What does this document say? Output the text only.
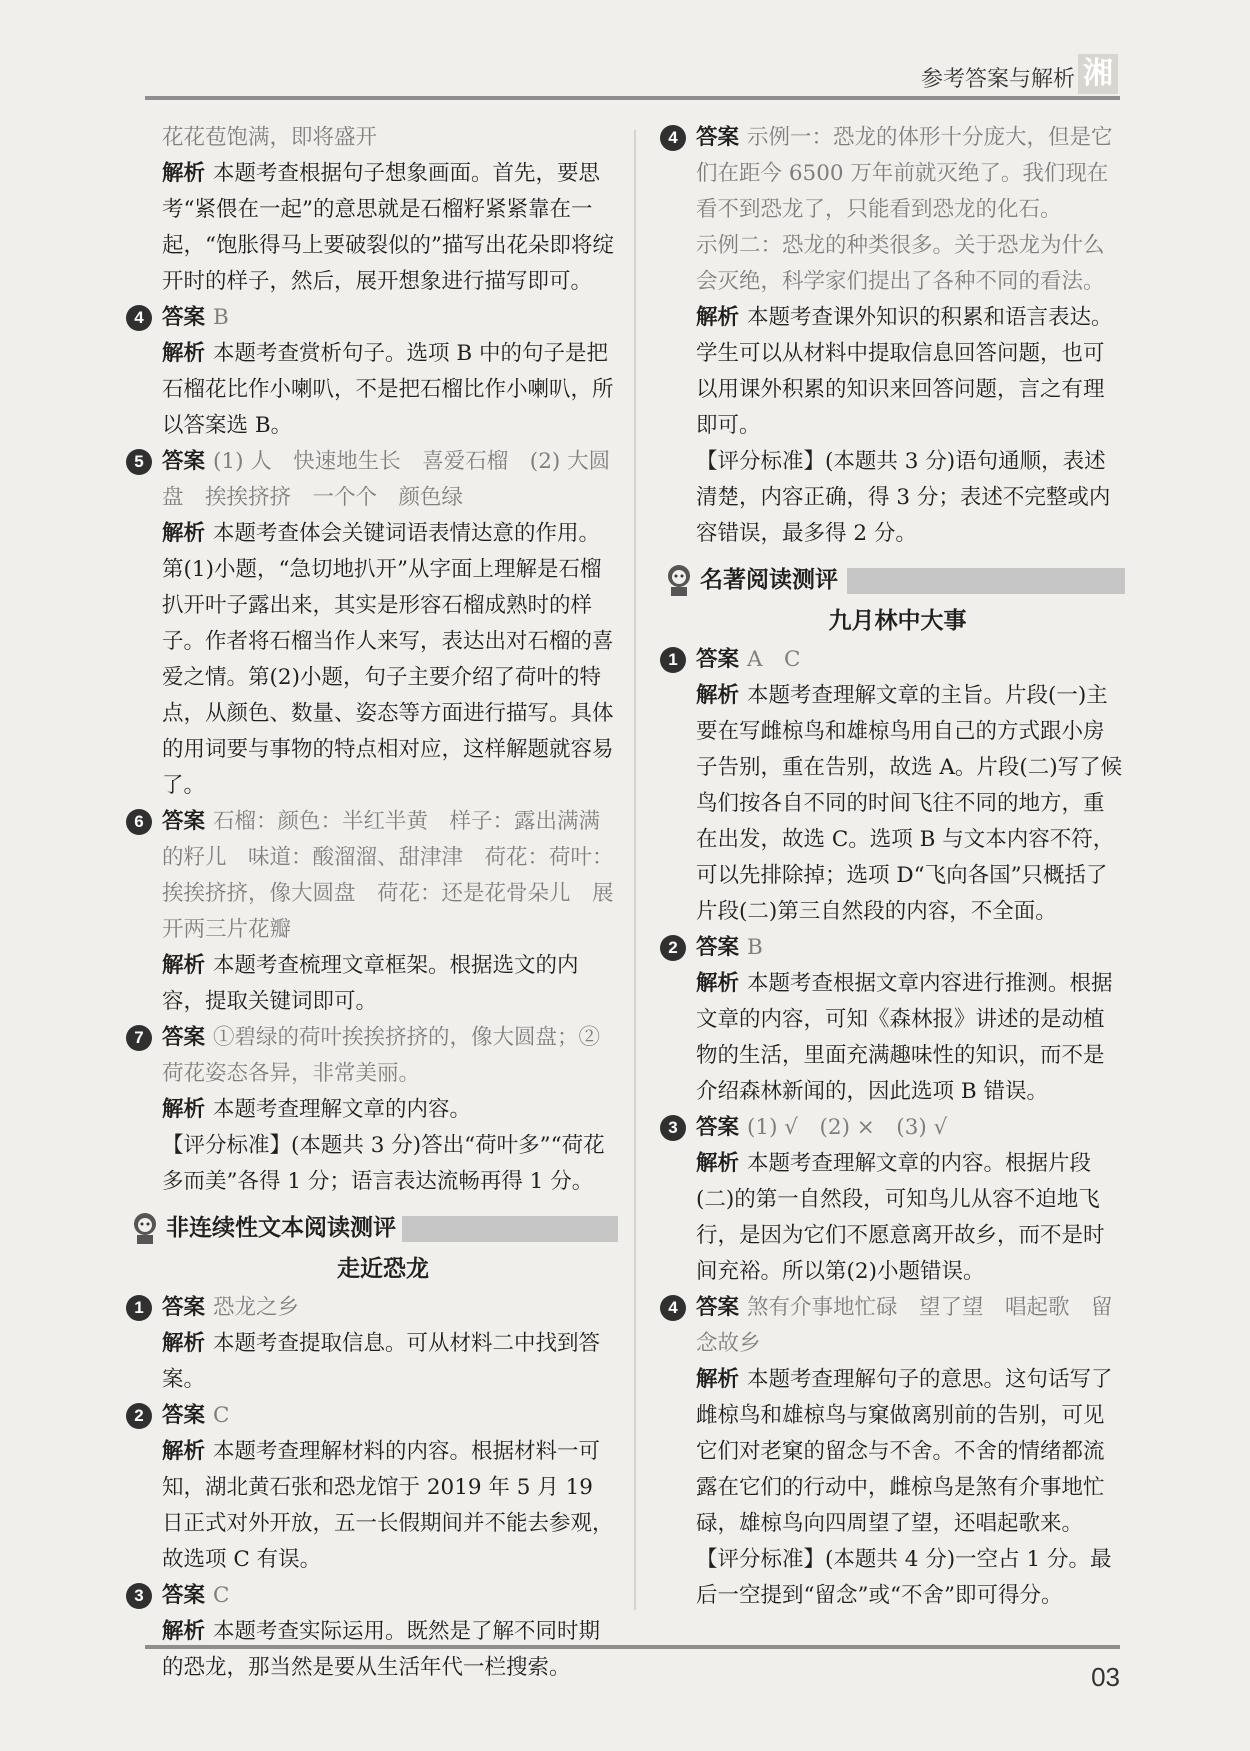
参考答案与解析 湘

花花苞饱满，即将盛开

解析 本题考查根据句子想象画面。首先，要思考“紧偎在一起”的意思就是石榴籽紧紧靠在一起，“饱胀得马上要破裂似的”描写出花朵即将绽开时的样子，然后，展开想象进行描写即可。

4 答案 B

解析 本题考查赏析句子。选项 B 中的句子是把石榴花比作小喇叭，不是把石榴比作小喇叭，所以答案选 B。

5 答案 (1) 人　快速地生长　喜爱石榴　(2) 大圆盘　挨挨挤挤　一个个　颜色绿

解析 本题考查体会关键词语表情达意的作用。第(1)小题，“急切地扒开”从字面上理解是石榴扒开叶子露出来，其实是形容石榴成熟时的样子。作者将石榴当作人来写，表达出对石榴的喜爱之情。第(2)小题，句子主要介绍了荷叶的特点，从颜色、数量、姿态等方面进行描写。具体的用词要与事物的特点相对应，这样解题就容易了。

6 答案 石榴：颜色：半红半黄　样子：露出满满的籽儿　味道：酸溜溜、甜津津　荷花：荷叶：挨挨挤挤，像大圆盘　荷花：还是花骨朵儿　展开两三片花瓣

解析 本题考查梳理文章框架。根据选文的内容，提取关键词即可。

7 答案 ①碧绿的荷叶挨挨挤挤的，像大圆盘；②荷花姿态各异，非常美丽。

解析 本题考查理解文章的内容。

【评分标准】(本题共 3 分)答出“荷叶多”“荷花多而美”各得 1 分；语言表达流畅再得 1 分。

非连续性文本阅读测评

走近恐龙

1 答案 恐龙之乡

解析 本题考查提取信息。可从材料二中找到答案。

2 答案 C

解析 本题考查理解材料的内容。根据材料一可知，湖北黄石张和恐龙馆于 2019 年 5 月 19 日正式对外开放，五一长假期间并不能去参观，故选项 C 有误。

3 答案 C

解析 本题考查实际运用。既然是了解不同时期的恐龙，那当然是要从生活年代一栏搜索。

4 答案 示例一：恐龙的体形十分庞大，但是它们在距今 6500 万年前就灭绝了。我们现在看不到恐龙了，只能看到恐龙的化石。

示例二：恐龙的种类很多。关于恐龙为什么会灭绝，科学家们提出了各种不同的看法。

解析 本题考查课外知识的积累和语言表达。学生可以从材料中提取信息回答问题，也可以用课外积累的知识来回答问题，言之有理即可。

【评分标准】(本题共 3 分)语句通顺，表述清楚，内容正确，得 3 分；表述不完整或内容错误，最多得 2 分。

名著阅读测评

九月林中大事

1 答案 A　C

解析 本题考查理解文章的主旨。片段(一)主要在写雌椋鸟和雄椋鸟用自己的方式跟小房子告别，重在告别，故选 A。片段(二)写了候鸟们按各自不同的时间飞往不同的地方，重在出发，故选 C。选项 B 与文本内容不符，可以先排除掉；选项 D“飞向各国”只概括了片段(二)第三自然段的内容，不全面。

2 答案 B

解析 本题考查根据文章内容进行推测。根据文章的内容，可知《森林报》讲述的是动植物的生活，里面充满趣味性的知识，而不是介绍森林新闻的，因此选项 B 错误。

3 答案 (1) √　(2) ×　(3) √

解析 本题考查理解文章的内容。根据片段(二)的第一自然段，可知鸟儿从容不迫地飞行，是因为它们不愿意离开故乡，而不是时间充裕。所以第(2)小题错误。

4 答案 煞有介事地忙碌　望了望　唱起歌　留念故乡

解析 本题考查理解句子的意思。这句话写了雌椋鸟和雄椋鸟与窠做离别前的告别，可见它们对老窠的留念与不舍。不舍的情绪都流露在它们的行动中，雌椋鸟是煞有介事地忙碌，雄椋鸟向四周望了望，还唱起歌来。

【评分标准】(本题共 4 分)一空占 1 分。最后一空提到“留念”或“不舍”即可得分。

03
